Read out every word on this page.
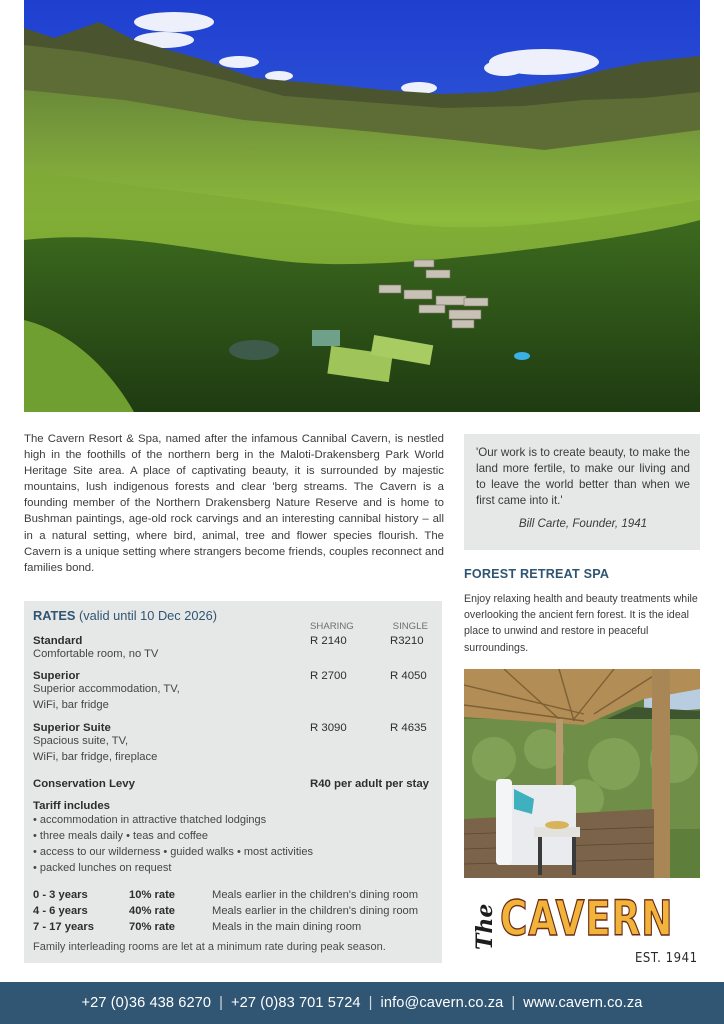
The Cavern Resort & Spa, named after the infamous Cannibal Cavern, is nestled high in the foothills of the northern berg in the Maloti-Drakensberg Park World Heritage Site area. A place of captivating beauty, it is surrounded by majestic mountains, lush indigenous forests and clear 'berg streams. The Cavern is a founding member of the Northern Drakensberg Nature Reserve and is home to Bushman paintings, age-old rock carvings and an interesting cannibal history – all in a natural setting, where bird, animal, tree and flower species flourish. The Cavern is a unique setting where strangers become friends, couples reconnect and families bond.

'Our work is to create beauty, to make the land more fertile, to make our living and to leave the world better than when we first came into it.'

Bill Carte, Founder, 1941

FOREST RETREAT SPA

Enjoy relaxing health and beauty treatments while overlooking the ancient fern forest. It is the ideal place to unwind and restore in peaceful surroundings.

The CAVERN
EST. 1941
RATES (valid until 10 Dec 2026)
SHARING	SINGLE
Standard
Comfortable room, no TV
R 2140	R3210
Superior
Superior accommodation, TV,
WiFi, bar fridge
R 2700	R 4050
Superior Suite
Spacious suite, TV,
WiFi, bar fridge, fireplace
R 3090	R 4635
Conservation Levy	R40 per adult per stay
Tariff includes
• accommodation in attractive thatched lodgings
• three meals daily • teas and coffee
• access to our wilderness • guided walks • most activities
• packed lunches on request
0 - 3 years	10% rate	Meals earlier in the children's dining room
4 - 6 years	40% rate	Meals earlier in the children's dining room
7 - 17 years	70% rate	Meals in the main dining room
Family interleading rooms are let at a minimum rate during peak season.
+27 (0)36 438 6270 | +27 (0)83 701 5724 | info@cavern.co.za | www.cavern.co.za
